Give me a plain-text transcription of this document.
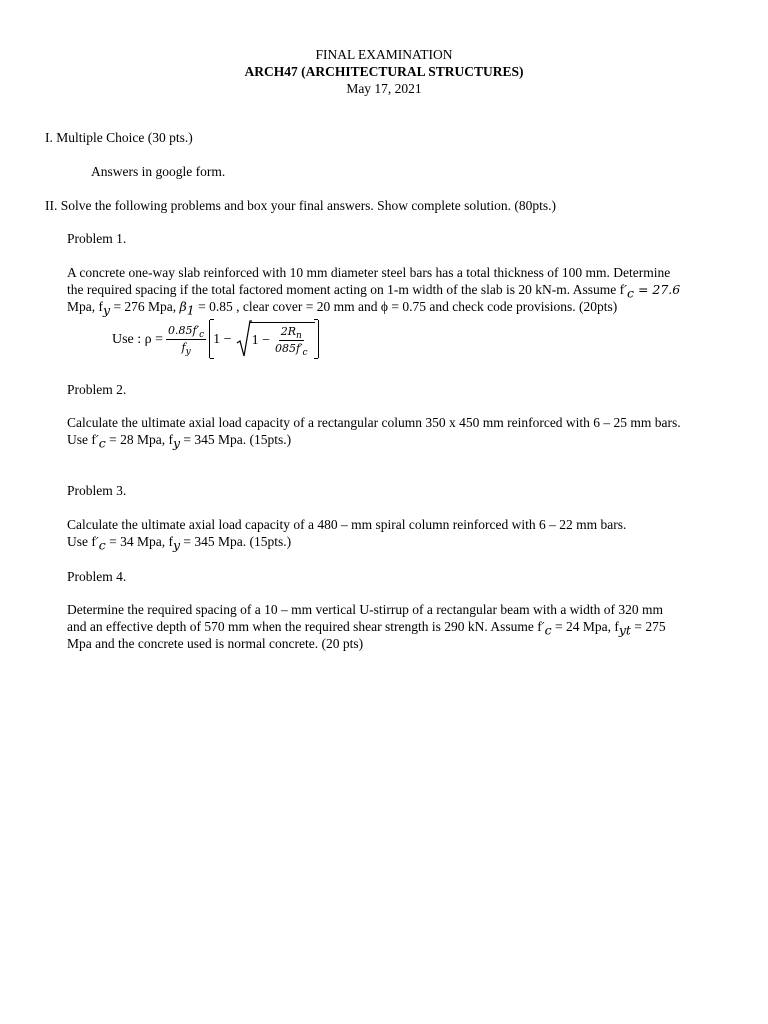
FINAL EXAMINATION
ARCH47 (ARCHITECTURAL STRUCTURES)
May 17, 2021
I. Multiple Choice (30 pts.)
Answers in google form.
II. Solve the following problems and box your final answers. Show complete solution. (80pts.)
Problem 1.
A concrete one-way slab reinforced with 10 mm diameter steel bars has a total thickness of 100 mm. Determine
the required spacing if the total factored moment acting on 1-m width of the slab is 20 kN-m. Assume $f'_c = 27.6$
Mpa, $f_y = 276$ Mpa, $\beta_1 = 0.85$ , clear cover = 20 mm and ϕ = 0.75 and check code provisions. (20pts)
Use : $\rho = \frac{0.85f'_c}{f_y} 1 - 1 - \frac{2R_n}{085f'_c}$
Problem 2.
Calculate the ultimate axial load capacity of a rectangular column 350 x 450 mm reinforced with 6 – 25 mm bars.
Use $f'_c = 28$ Mpa, $f_y = 345$ Mpa. (15pts.)
Problem 3.
Calculate the ultimate axial load capacity of a 480 – mm spiral column reinforced with 6 – 22 mm bars.
Use $f'_c = 34$ Mpa, $f_y = 345$ Mpa. (15pts.)
Problem 4.
Determine the required spacing of a 10 – mm vertical U-stirrup of a rectangular beam with a width of 320 mm
and an effective depth of 570 mm when the required shear strength is 290 kN. Assume $f'_c = 24$ Mpa, $f_{yt} = 275$
Mpa and the concrete used is normal concrete. (20 pts)
